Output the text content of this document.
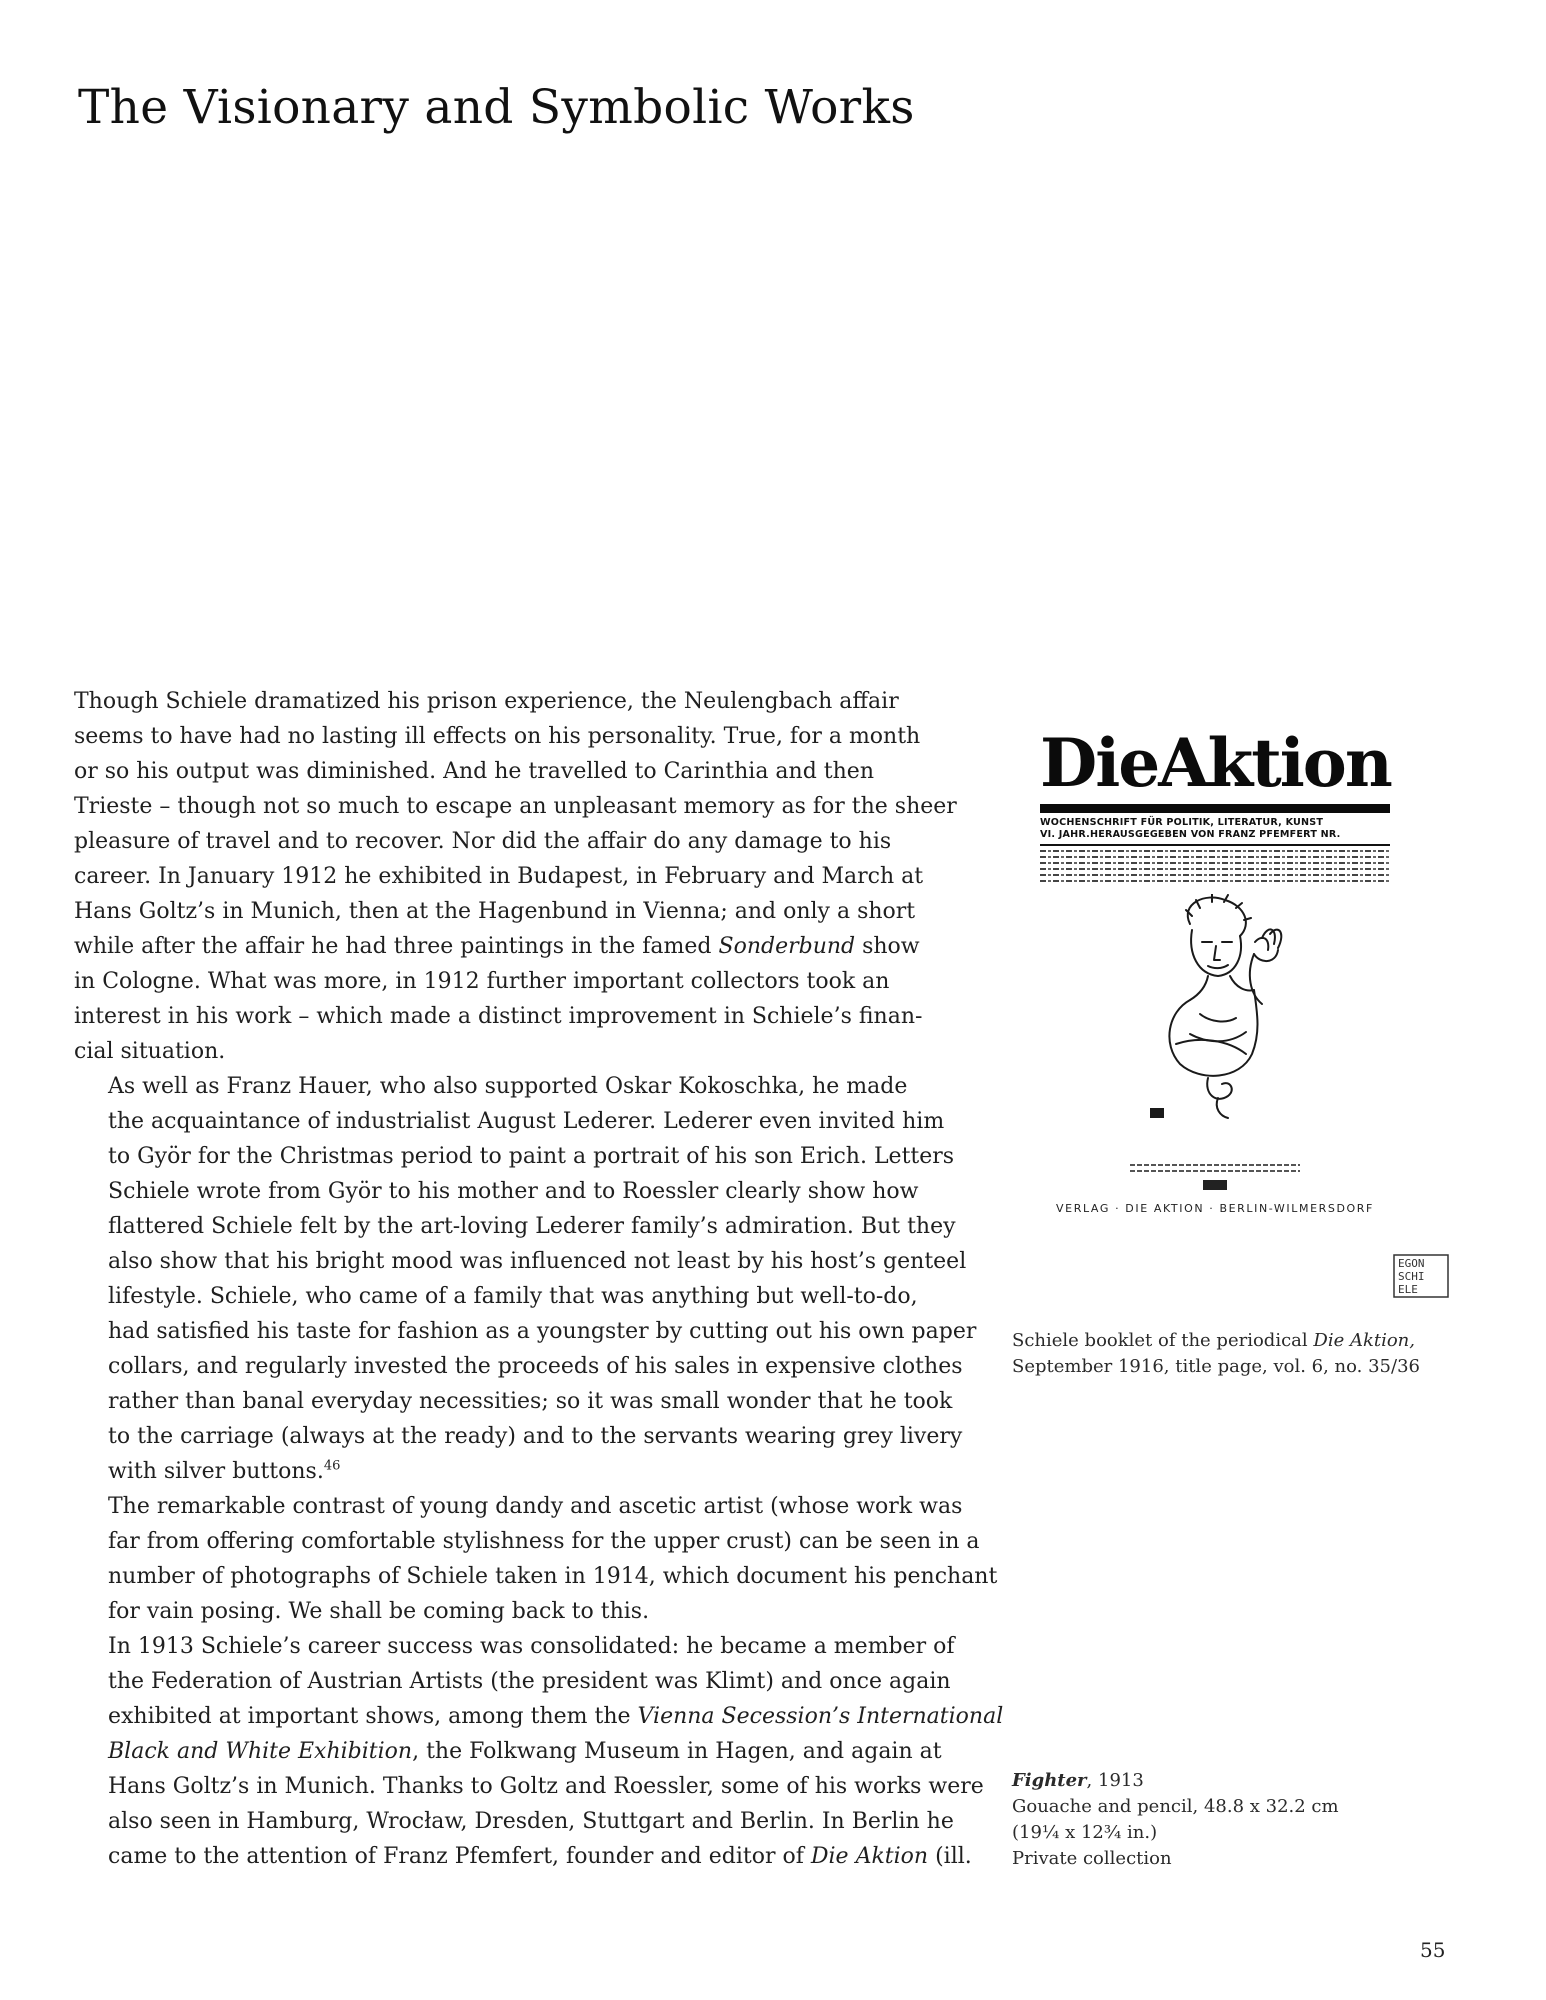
The Visionary and Symbolic Works

Though Schiele dramatized his prison experience, the Neulengbach affair
seems to have had no lasting ill effects on his personality. True, for a month
or so his output was diminished. And he travelled to Carinthia and then
Trieste – though not so much to escape an unpleasant memory as for the sheer
pleasure of travel and to recover. Nor did the affair do any damage to his
career. In January 1912 he exhibited in Budapest, in February and March at
Hans Goltz’s in Munich, then at the Hagenbund in Vienna; and only a short
while after the affair he had three paintings in the famed Sonderbund show
in Cologne. What was more, in 1912 further important collectors took an
interest in his work – which made a distinct improvement in Schiele’s finan-
cial situation.

As well as Franz Hauer, who also supported Oskar Kokoschka, he made
the acquaintance of industrialist August Lederer. Lederer even invited him
to Györ for the Christmas period to paint a portrait of his son Erich. Letters
Schiele wrote from Györ to his mother and to Roessler clearly show how
flattered Schiele felt by the art-loving Lederer family’s admiration. But they
also show that his bright mood was influenced not least by his host’s genteel
lifestyle. Schiele, who came of a family that was anything but well-to-do,
had satisfied his taste for fashion as a youngster by cutting out his own paper
collars, and regularly invested the proceeds of his sales in expensive clothes
rather than banal everyday necessities; so it was small wonder that he took
to the carriage (always at the ready) and to the servants wearing grey livery
with silver buttons.$^{46}$

The remarkable contrast of young dandy and ascetic artist (whose work was
far from offering comfortable stylishness for the upper crust) can be seen in a
number of photographs of Schiele taken in 1914, which document his penchant
for vain posing. We shall be coming back to this.

In 1913 Schiele’s career success was consolidated: he became a member of
the Federation of Austrian Artists (the president was Klimt) and once again
exhibited at important shows, among them the Vienna Secession’s International
Black and White Exhibition, the Folkwang Museum in Hagen, and again at
Hans Goltz’s in Munich. Thanks to Goltz and Roessler, some of his works were
also seen in Hamburg, Wrocław, Dresden, Stuttgart and Berlin. In Berlin he
came to the attention of Franz Pfemfert, founder and editor of Die Aktion (ill.

DieAktion
WOCHENSCHRIFT FÜR POLITIK, LITERATUR, KUNST
VI. JAHR.HERAUSGEGEBEN VON FRANZ PFEMFERT NR.
VERLAG · DIE AKTION · BERLIN-WILMERSDORF
EGON
SCHI
ELE
Schiele booklet of the periodical Die Aktion,
September 1916, title page, vol. 6, no. 35/36
Fighter, 1913
Gouache and pencil, 48.8 x 32.2 cm
(19¼ x 12¾ in.)
Private collection
55
